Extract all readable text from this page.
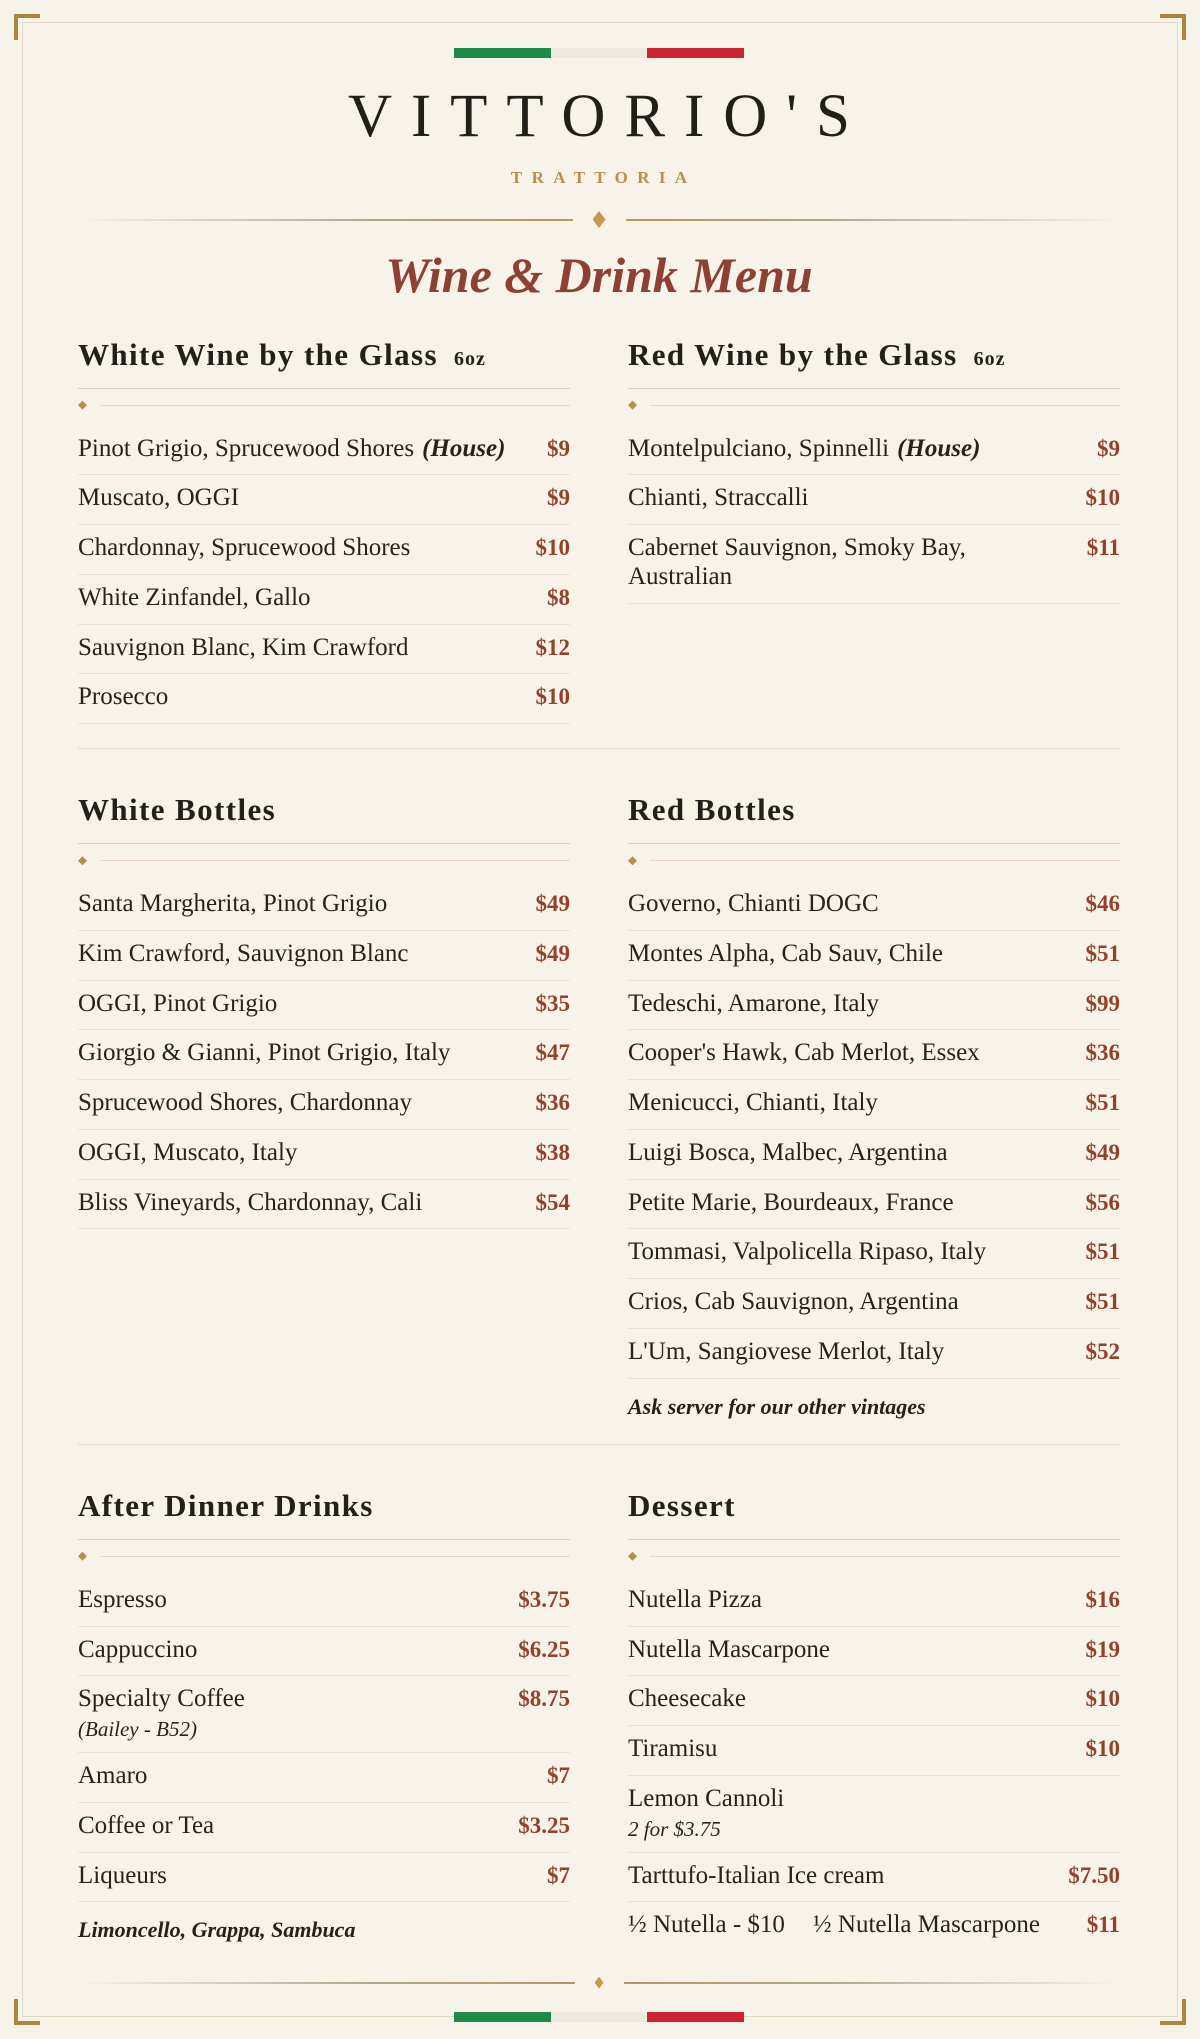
VITTORIO'S
TRATTORIA
Wine & Drink Menu
White Wine by the Glass 6oz
Pinot Grigio, Sprucewood Shores (House)	$9
Muscato, OGGI	$9
Chardonnay, Sprucewood Shores	$10
White Zinfandel, Gallo	$8
Sauvignon Blanc, Kim Crawford	$12
Prosecco	$10
Red Wine by the Glass 6oz
Montelpulciano, Spinnelli (House)	$9
Chianti, Straccalli	$10
Cabernet Sauvignon, Smoky Bay, Australian
$11
White Bottles
Santa Margherita, Pinot Grigio	$49
Kim Crawford, Sauvignon Blanc	$49
OGGI, Pinot Grigio	$35
Giorgio & Gianni, Pinot Grigio, Italy	$47
Sprucewood Shores, Chardonnay	$36
OGGI, Muscato, Italy	$38
Bliss Vineyards, Chardonnay, Cali	$54
Red Bottles
Governo, Chianti DOGC	$46
Montes Alpha, Cab Sauv, Chile	$51
Tedeschi, Amarone, Italy	$99
Cooper's Hawk, Cab Merlot, Essex	$36
Menicucci, Chianti, Italy	$51
Luigi Bosca, Malbec, Argentina	$49
Petite Marie, Bourdeaux, France	$56
Tommasi, Valpolicella Ripaso, Italy	$51
Crios, Cab Sauvignon, Argentina	$51
L'Um, Sangiovese Merlot, Italy	$52
Ask server for our other vintages
After Dinner Drinks
Espresso	$3.75
Cappuccino	$6.25
Specialty Coffee	$8.75
(Bailey - B52)
Amaro	$7
Coffee or Tea	$3.25
Liqueurs	$7
Limoncello, Grappa, Sambuca
Dessert
Nutella Pizza	$16
Nutella Mascarpone	$19
Cheesecake	$10
Tiramisu	$10
Lemon Cannoli
2 for $3.75
Tarttufo-Italian Ice cream	$7.50
½ Nutella - $10 ½ Nutella Mascarpone	$11
